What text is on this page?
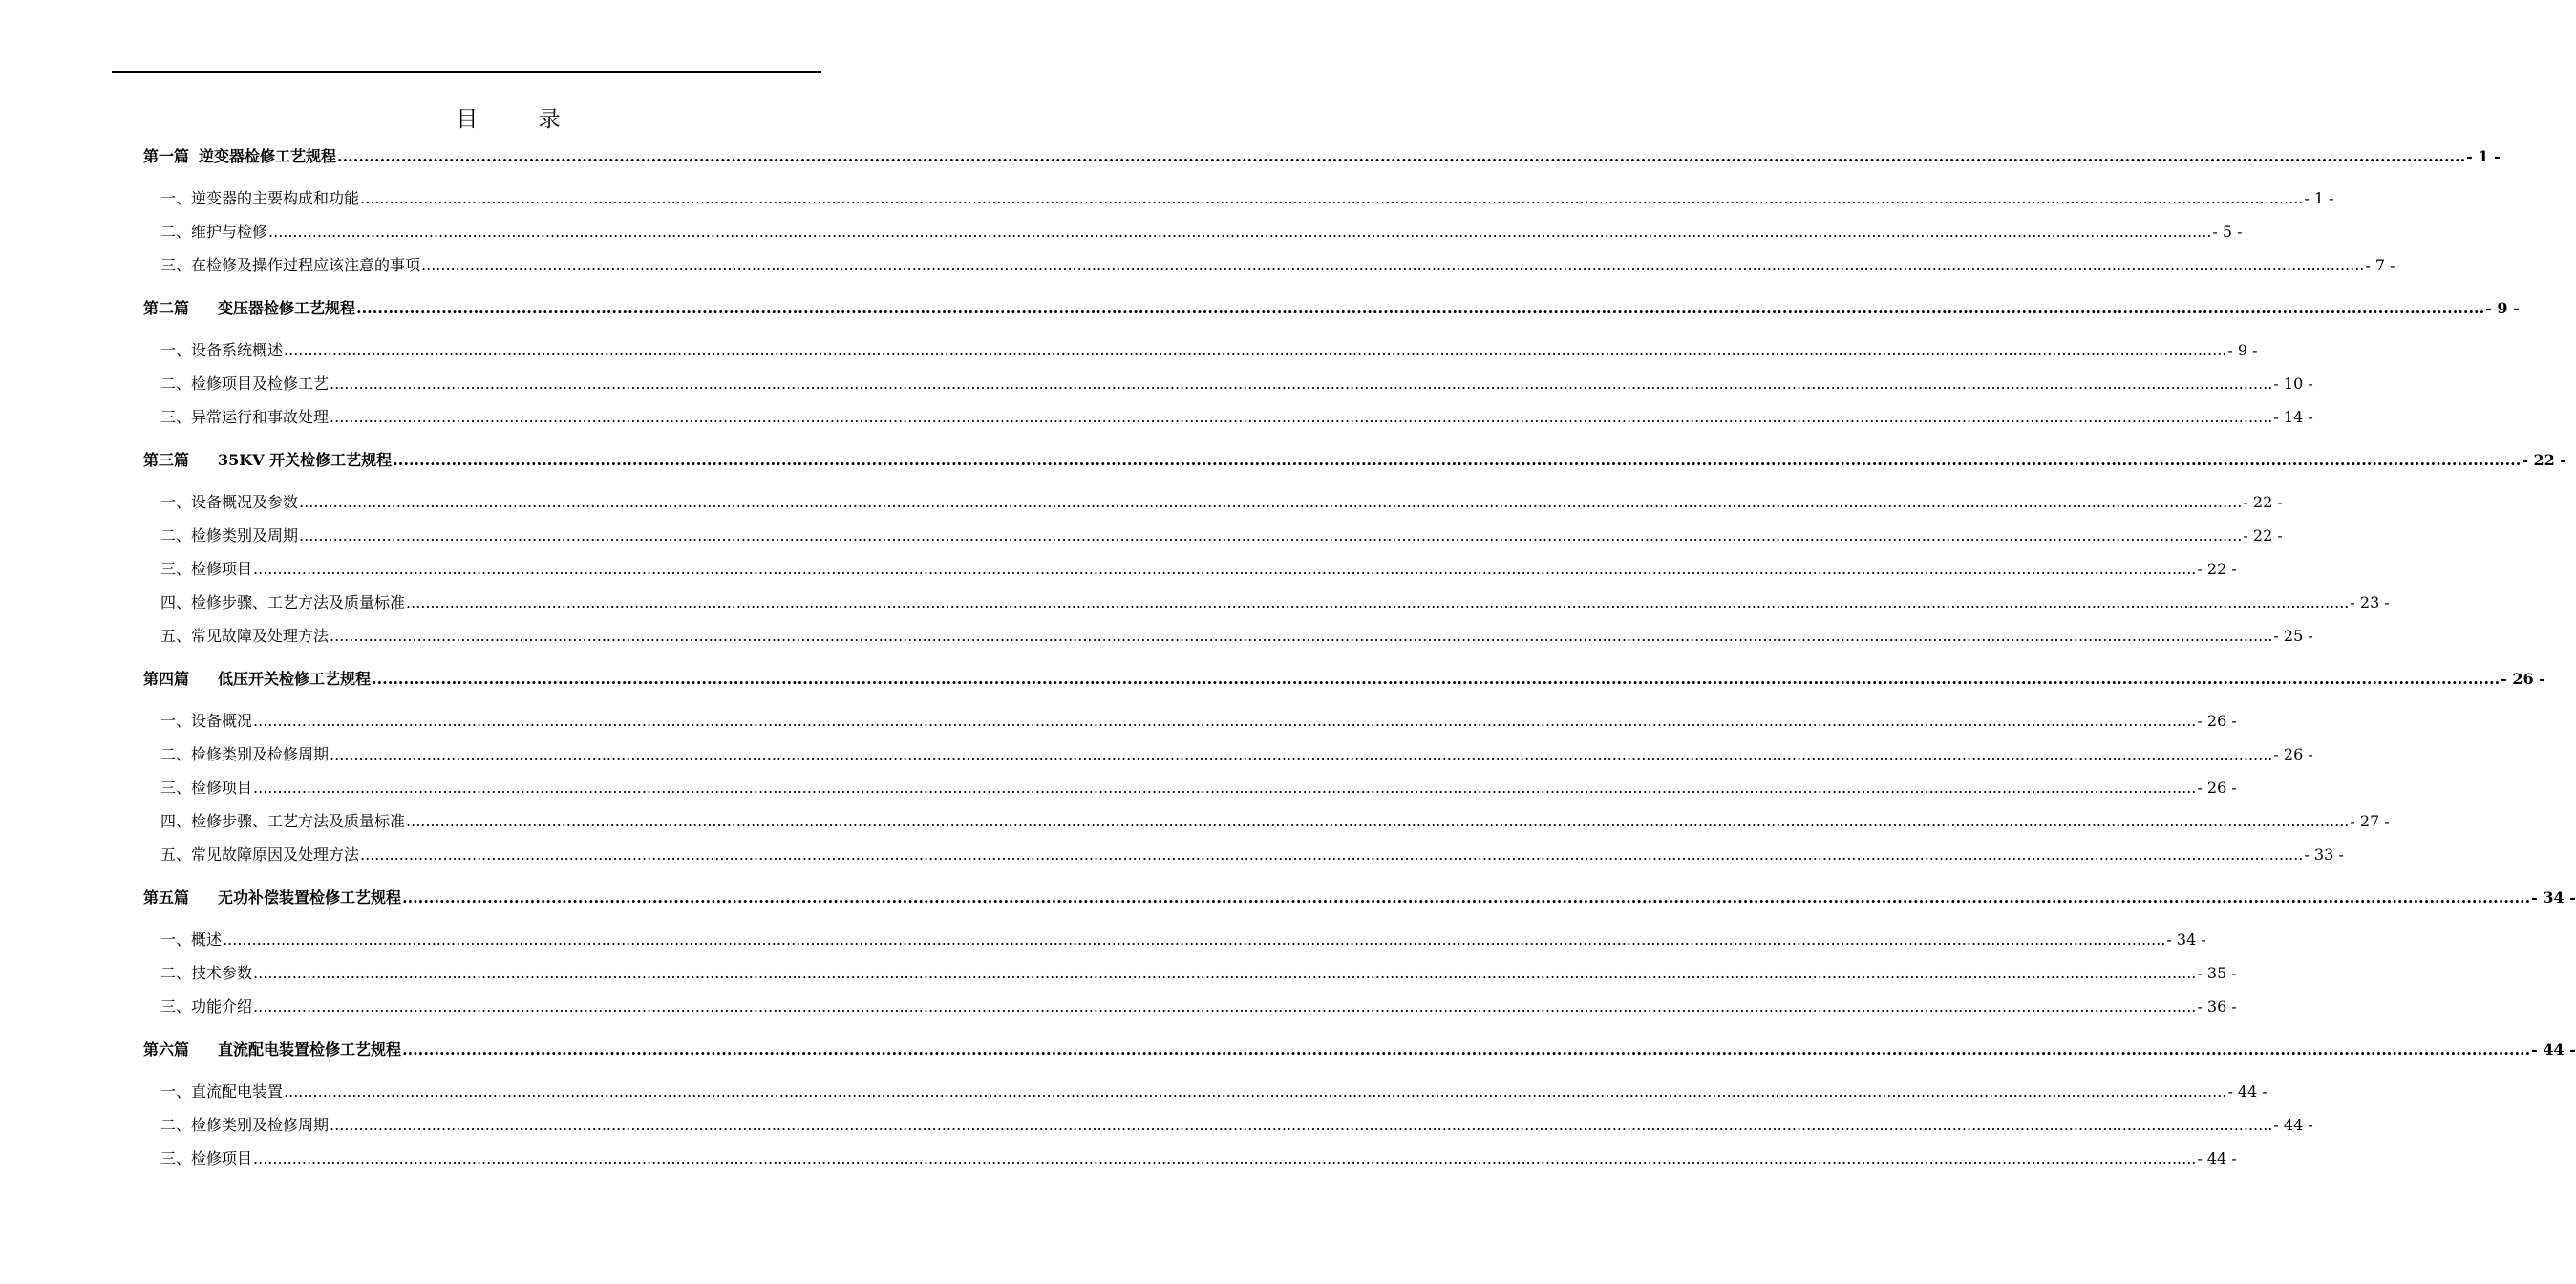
目 录
第一篇 逆变器检修工艺规程 ................................................................................................................................................................................................................................................................................................................................................................................................................ - 1 -
一、逆变器的主要构成和功能 ................................................................................................................................................................................................................................................................................................................................................................................................................ - 1 -
二、维护与检修 ................................................................................................................................................................................................................................................................................................................................................................................................................ - 5 -
三、在检修及操作过程应该注意的事项 ................................................................................................................................................................................................................................................................................................................................................................................................................ - 7 -
第二篇 变压器检修工艺规程 ................................................................................................................................................................................................................................................................................................................................................................................................................ - 9 -
一、设备系统概述 ................................................................................................................................................................................................................................................................................................................................................................................................................ - 9 -
二、检修项目及检修工艺 ................................................................................................................................................................................................................................................................................................................................................................................................................ - 10 -
三、异常运行和事故处理 ................................................................................................................................................................................................................................................................................................................................................................................................................ - 14 -
第三篇 35KV 开关检修工艺规程 ................................................................................................................................................................................................................................................................................................................................................................................................................ - 22 -
一、设备概况及参数 ................................................................................................................................................................................................................................................................................................................................................................................................................ - 22 -
二、检修类别及周期 ................................................................................................................................................................................................................................................................................................................................................................................................................ - 22 -
三、检修项目 ................................................................................................................................................................................................................................................................................................................................................................................................................ - 22 -
四、检修步骤、工艺方法及质量标准 ................................................................................................................................................................................................................................................................................................................................................................................................................ - 23 -
五、常见故障及处理方法 ................................................................................................................................................................................................................................................................................................................................................................................................................ - 25 -
第四篇 低压开关检修工艺规程 ................................................................................................................................................................................................................................................................................................................................................................................................................ - 26 -
一、设备概况 ................................................................................................................................................................................................................................................................................................................................................................................................................ - 26 -
二、检修类别及检修周期 ................................................................................................................................................................................................................................................................................................................................................................................................................ - 26 -
三、检修项目 ................................................................................................................................................................................................................................................................................................................................................................................................................ - 26 -
四、检修步骤、工艺方法及质量标准 ................................................................................................................................................................................................................................................................................................................................................................................................................ - 27 -
五、常见故障原因及处理方法 ................................................................................................................................................................................................................................................................................................................................................................................................................ - 33 -
第五篇 无功补偿装置检修工艺规程 ................................................................................................................................................................................................................................................................................................................................................................................................................ - 34 -
一、概述 ................................................................................................................................................................................................................................................................................................................................................................................................................ - 34 -
二、技术参数 ................................................................................................................................................................................................................................................................................................................................................................................................................ - 35 -
三、功能介绍 ................................................................................................................................................................................................................................................................................................................................................................................................................ - 36 -
第六篇 直流配电装置检修工艺规程 ................................................................................................................................................................................................................................................................................................................................................................................................................ - 44 -
一、直流配电装置 ................................................................................................................................................................................................................................................................................................................................................................................................................ - 44 -
二、检修类别及检修周期 ................................................................................................................................................................................................................................................................................................................................................................................................................ - 44 -
三、检修项目 ................................................................................................................................................................................................................................................................................................................................................................................................................ - 44 -
